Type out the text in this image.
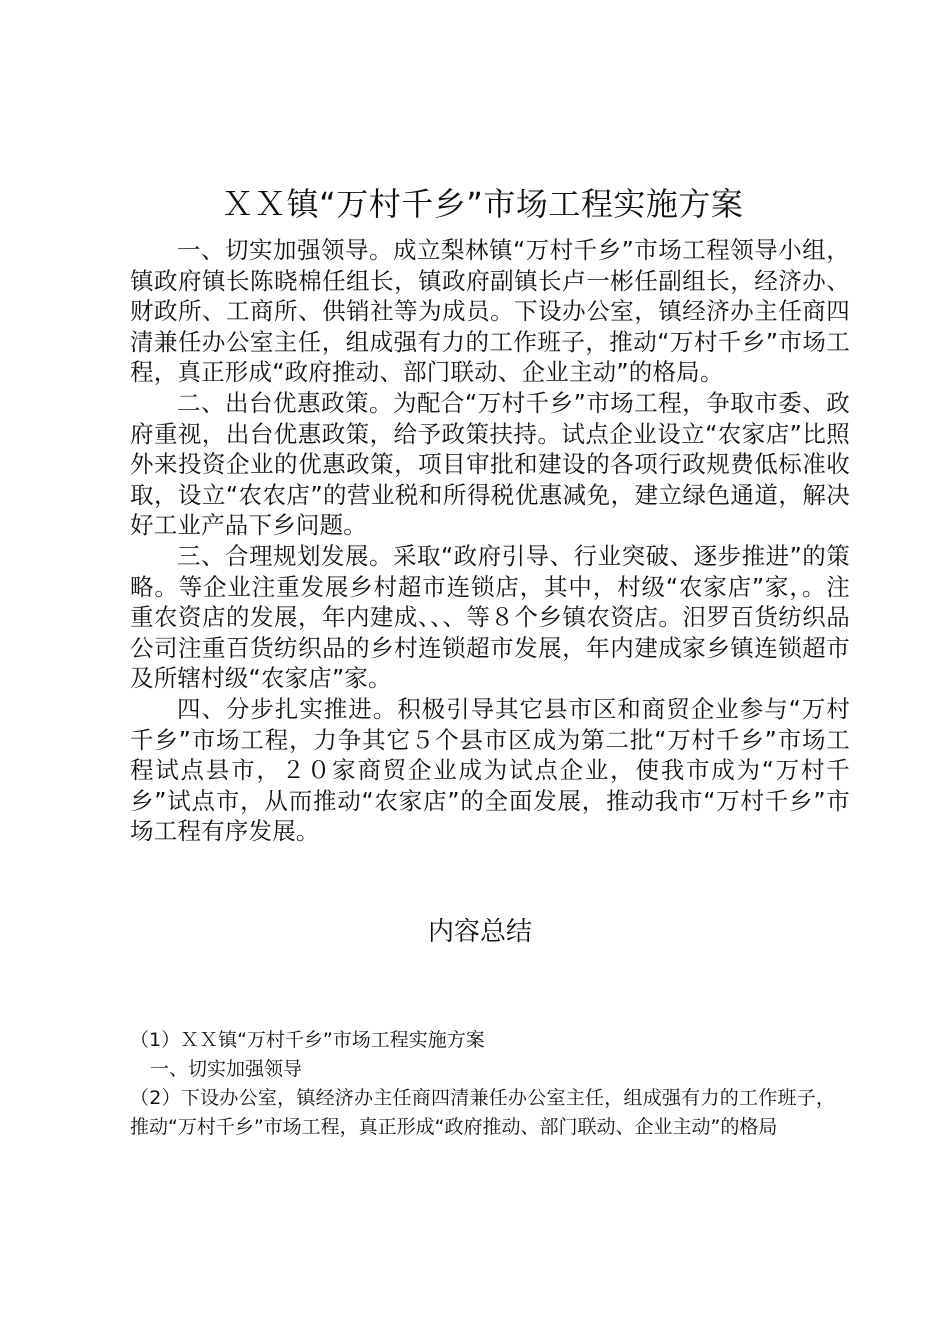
ＸＸ镇“万村千乡”市场工程实施方案

一、切实加强领导。成立梨林镇“万村千乡”市场工程领导小组，镇政府镇长陈晓棉任组长，镇政府副镇长卢一彬任副组长，经济办、财政所、工商所、供销社等为成员。下设办公室，镇经济办主任商四清兼任办公室主任，组成强有力的工作班子，推动“万村千乡”市场工程，真正形成“政府推动、部门联动、企业主动”的格局。

二、出台优惠政策。为配合“万村千乡”市场工程，争取市委、政府重视，出台优惠政策，给予政策扶持。试点企业设立“农家店”比照外来投资企业的优惠政策，项目审批和建设的各项行政规费低标准收取，设立“农农店”的营业税和所得税优惠减免，建立绿色通道，解决好工业产品下乡问题。

三、合理规划发展。采取“政府引导、行业突破、逐步推进”的策略。等企业注重发展乡村超市连锁店，其中，村级“农家店”家，。注重农资店的发展，年内建成、、、等８个乡镇农资店。汨罗百货纺织品公司注重百货纺织品的乡村连锁超市发展，年内建成家乡镇连锁超市及所辖村级“农家店”家。

四、分步扎实推进。积极引导其它县市区和商贸企业参与“万村千乡”市场工程，力争其它５个县市区成为第二批“万村千乡”市场工程试点县市，２０家商贸企业成为试点企业，使我市成为“万村千乡”试点市，从而推动“农家店”的全面发展，推动我市“万村千乡”市场工程有序发展。

内容总结

（1）ＸＸ镇“万村千乡”市场工程实施方案

一、切实加强领导

（2）下设办公室，镇经济办主任商四清兼任办公室主任，组成强有力的工作班子，推动“万村千乡”市场工程，真正形成“政府推动、部门联动、企业主动”的格局
